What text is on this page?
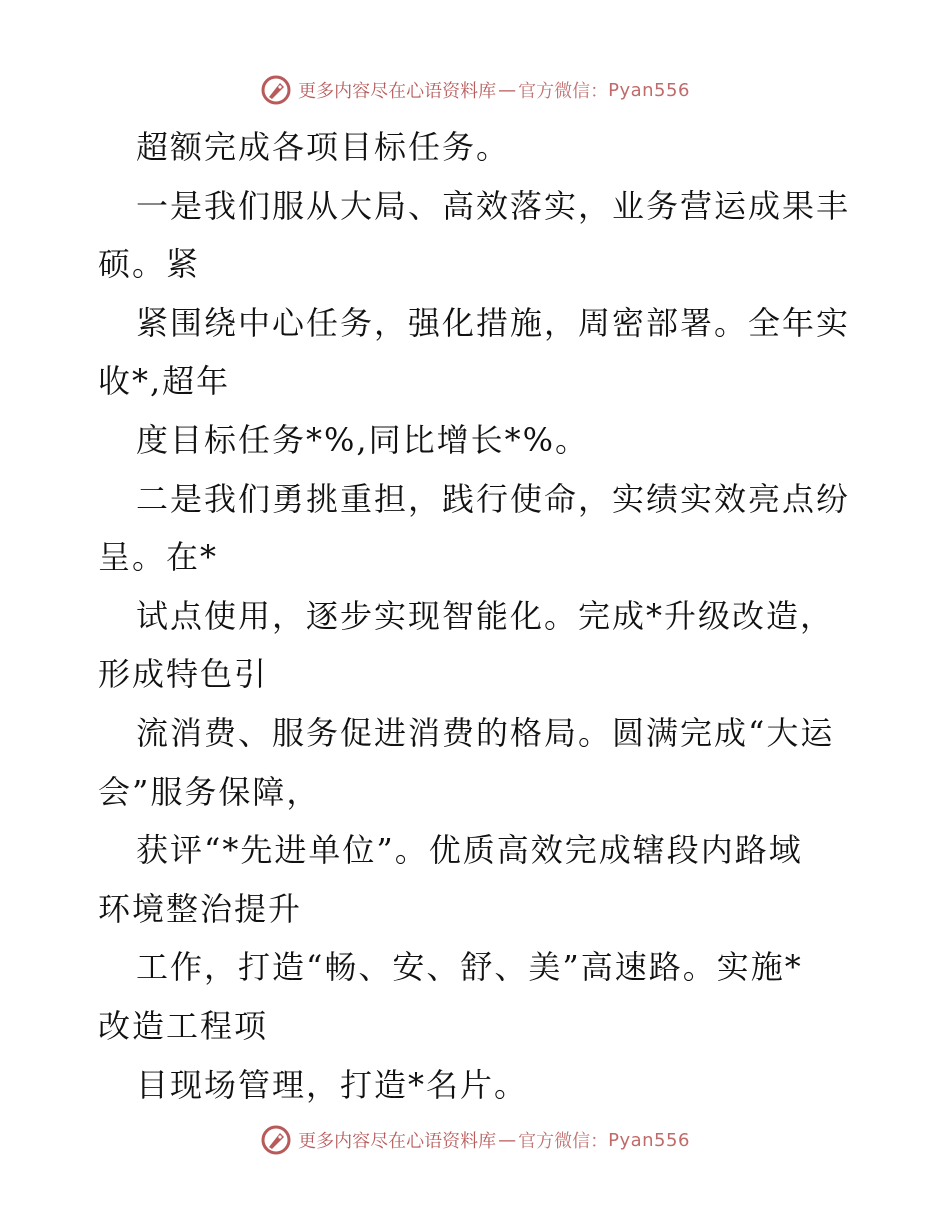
更多内容尽在心语资料库 — 官方微信： Pyan556
超额完成各项目标任务。
一是我们服从大局、高效落实，业务营运成果丰
硕。紧
紧围绕中心任务，强化措施，周密部署。全年实
收*,超年
度目标任务*%,同比增长*%。
二是我们勇挑重担，践行使命，实绩实效亮点纷
呈。在*
试点使用，逐步实现智能化。完成*升级改造，
形成特色引
流消费、服务促进消费的格局。圆满完成“大运
会”服务保障，
获评“*先进单位”。优质高效完成辖段内路域
环境整治提升
工作，打造“畅、安、舒、美”高速路。实施*
改造工程项
目现场管理，打造*名片。
更多内容尽在心语资料库 — 官方微信： Pyan556
